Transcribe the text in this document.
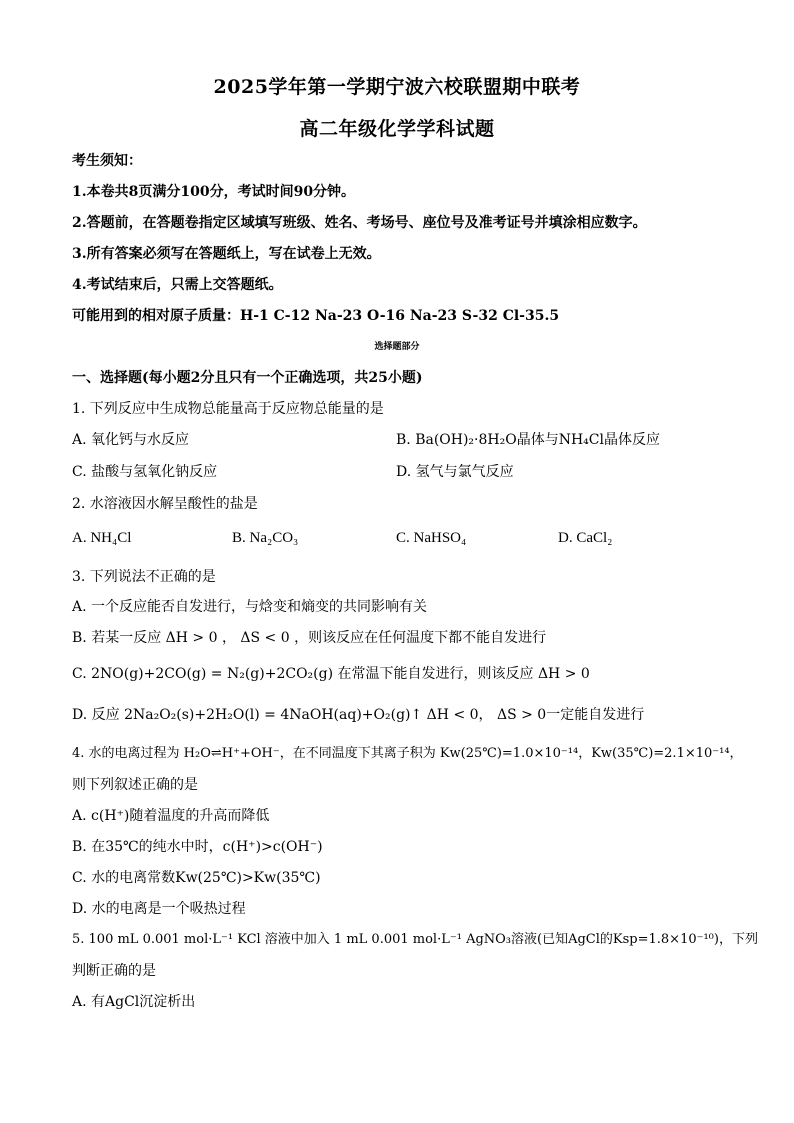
2025学年第一学期宁波六校联盟期中联考
高二年级化学学科试题
考生须知：
1.本卷共8页满分100分，考试时间90分钟。
2.答题前，在答题卷指定区域填写班级、姓名、考场号、座位号及准考证号并填涂相应数字。
3.所有答案必须写在答题纸上，写在试卷上无效。
4.考试结束后，只需上交答题纸。
可能用到的相对原子质量：H-1 C-12 Na-23 O-16 Na-23 S-32 Cl-35.5
选择题部分
一、选择题(每小题2分且只有一个正确选项，共25小题)
1. 下列反应中生成物总能量高于反应物总能量的是
A. 氧化钙与水反应	B. Ba(OH)₂·8H₂O晶体与NH₄Cl晶体反应
C. 盐酸与氢氧化钠反应	D. 氢气与氯气反应
2. 水溶液因水解呈酸性的盐是
A. NH₄Cl	B. Na₂CO₃	C. NaHSO₄	D. CaCl₂
3. 下列说法不正确的是
A. 一个反应能否自发进行，与焓变和熵变的共同影响有关
B. 若某一反应 ΔH > 0 ， ΔS < 0 ，则该反应在任何温度下都不能自发进行
C. 2NO(g)+2CO(g) = N₂(g)+2CO₂(g) 在常温下能自发进行，则该反应 ΔH > 0
D. 反应 2Na₂O₂(s)+2H₂O(l) = 4NaOH(aq)+O₂(g)↑ ΔH < 0， ΔS > 0一定能自发进行
4. 水的电离过程为 H₂O⇌H⁺+OH⁻，在不同温度下其离子积为 Kw(25℃)=1.0×10⁻¹⁴，Kw(35℃)=2.1×10⁻¹⁴，
则下列叙述正确的是
A. c(H⁺)随着温度的升高而降低
B. 在35℃的纯水中时，c(H⁺)>c(OH⁻)
C. 水的电离常数Kw(25℃)>Kw(35℃)
D. 水的电离是一个吸热过程
5. 100 mL 0.001 mol·L⁻¹ KCl 溶液中加入 1 mL 0.001 mol·L⁻¹ AgNO₃溶液(已知AgCl的Ksp=1.8×10⁻¹⁰)，下列
判断正确的是
A. 有AgCl沉淀析出
